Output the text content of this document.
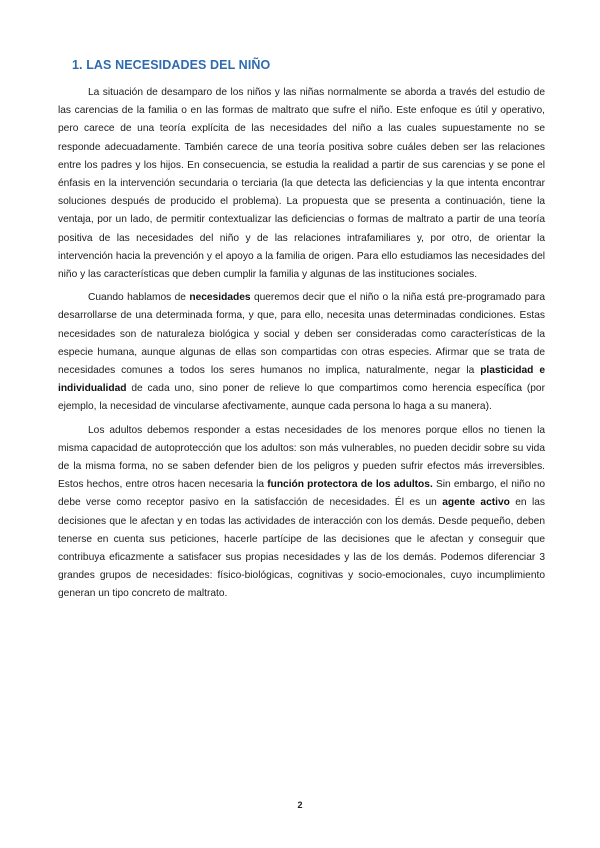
1. LAS NECESIDADES DEL NIÑO

La situación de desamparo de los niños y las niñas normalmente se aborda a través del estudio de las carencias de la familia o en las formas de maltrato que sufre el niño. Este enfoque es útil y operativo, pero carece de una teoría explícita de las necesidades del niño a las cuales supuestamente no se responde adecuadamente. También carece de una teoría positiva sobre cuáles deben ser las relaciones entre los padres y los hijos. En consecuencia, se estudia la realidad a partir de sus carencias y se pone el énfasis en la intervención secundaria o terciaria (la que detecta las deficiencias y la que intenta encontrar soluciones después de producido el problema). La propuesta que se presenta a continuación, tiene la ventaja, por un lado, de permitir contextualizar las deficiencias o formas de maltrato a partir de una teoría positiva de las necesidades del niño y de las relaciones intrafamiliares y, por otro, de orientar la intervención hacia la prevención y el apoyo a la familia de origen. Para ello estudiamos las necesidades del niño y las características que deben cumplir la familia y algunas de las instituciones sociales.

Cuando hablamos de necesidades queremos decir que el niño o la niña está pre-programado para desarrollarse de una determinada forma, y que, para ello, necesita unas determinadas condiciones. Estas necesidades son de naturaleza biológica y social y deben ser consideradas como características de la especie humana, aunque algunas de ellas son compartidas con otras especies. Afirmar que se trata de necesidades comunes a todos los seres humanos no implica, naturalmente, negar la plasticidad e individualidad de cada uno, sino poner de relieve lo que compartimos como herencia específica (por ejemplo, la necesidad de vincularse afectivamente, aunque cada persona lo haga a su manera).

Los adultos debemos responder a estas necesidades de los menores porque ellos no tienen la misma capacidad de autoprotección que los adultos: son más vulnerables, no pueden decidir sobre su vida de la misma forma, no se saben defender bien de los peligros y pueden sufrir efectos más irreversibles. Estos hechos, entre otros hacen necesaria la función protectora de los adultos. Sin embargo, el niño no debe verse como receptor pasivo en la satisfacción de necesidades. Él es un agente activo en las decisiones que le afectan y en todas las actividades de interacción con los demás. Desde pequeño, deben tenerse en cuenta sus peticiones, hacerle partícipe de las decisiones que le afectan y conseguir que contribuya eficazmente a satisfacer sus propias necesidades y las de los demás. Podemos diferenciar 3 grandes grupos de necesidades: físico-biológicas, cognitivas y socio-emocionales, cuyo incumplimiento generan un tipo concreto de maltrato.

2
